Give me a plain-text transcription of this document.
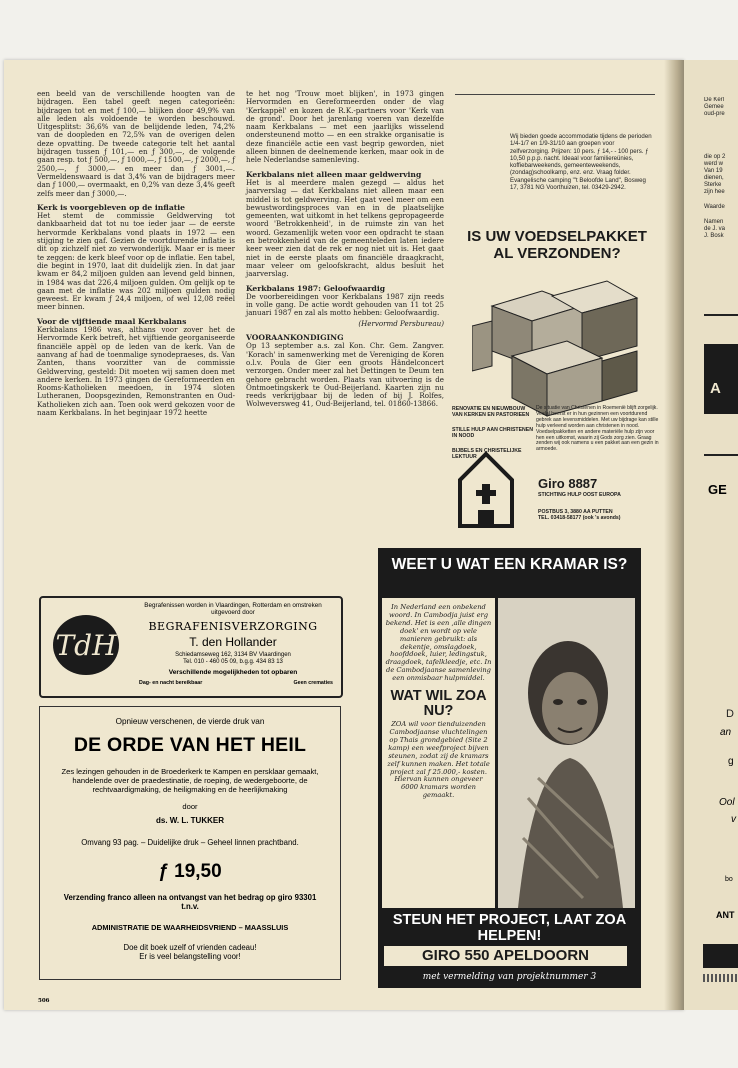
een beeld van de verschillende hoogten van de bijdragen. Een tabel geeft negen categorieën: bijdragen tot en met ƒ 100,— blijken door 49,9% van alle leden als voldoende te worden beschouwd. Uitgesplitst: 36,6% van de belijdende leden, 74,2% van de doopleden en 72,5% van de overigen delen deze opvatting. De tweede categorie telt het aantal bijdragen tussen ƒ 101,— en ƒ 300,—, de volgende gaan resp. tot ƒ 500,—, ƒ 1000,—, ƒ 1500,—, ƒ 2000,—, ƒ 2500,—, ƒ 3000,— en meer dan ƒ 3001,—. Vermeldenswaard is dat 3,4% van de bijdragers meer dan ƒ 1000,— overmaakt, en 0,2% van deze 3,4% geeft zelfs meer dan ƒ 3000,—.

Kerk is voorgebleven op de inflatie

Het stemt de commissie Geldwerving tot dankbaarheid dat tot nu toe ieder jaar — de eerste hervormde Kerkbalans vond plaats in 1972 — een stijging te zien gaf. Gezien de voortdurende inflatie is dit op zichzelf niet zo verwonderlijk. Maar er is meer te zeggen: de kerk bleef voor op de inflatie. Een tabel, die begint in 1970, laat dit duidelijk zien. In dat jaar kwam er 84,2 miljoen gulden aan levend geld binnen, in 1984 was dat 226,4 miljoen gulden. Om gelijk op te gaan met de inflatie was 202 miljoen gulden nodig geweest. Er kwam ƒ 24,4 miljoen, of wel 12,08 reëel meer binnen.

Voor de vijftiende maal Kerkbalans

Kerkbalans 1986 was, althans voor zover het de Hervormde Kerk betreft, het vijftiende georganiseerde financiële appèl op de leden van de kerk. Van de aanvang af had de toenmalige synodepraeses, ds. Van Zanten, thans voorzitter van de commissie Geldwerving, gesteld: Dit moeten wij samen doen met andere kerken. In 1973 gingen de Gereformeerden en Rooms-Katholieken meedoen, in 1974 sloten Lutheranen, Doopsgezinden, Remonstranten en Oud-Katholieken zich aan. Toen ook werd gekozen voor de naam Kerkbalans. In het beginjaar 1972 heette

te het nog 'Trouw moet blijken', in 1973 gingen Hervormden en Gereformeerden onder de vlag 'Kerkappèl' en kozen de R.K.-partners voor 'Kerk van de grond'. Door het jarenlang voeren van dezelfde naam Kerkbalans — met een jaarlijks wisselend ondersteunend motto — en een strakke organisatie is deze financiële actie een vast begrip geworden, niet alleen binnen de deelnemende kerken, maar ook in de hele Nederlandse samenleving.

Kerkbalans niet alleen maar geldwerving

Het is al meerdere malen gezegd — aldus het jaarverslag — dat Kerkbalans niet alleen maar een middel is tot geldwerving. Het gaat veel meer om een bewustwordingsproces van en in de plaatselijke gemeenten, wat uitkomt in het telkens gepropageerde woord 'Betrokkenheid', in de ruimste zin van het woord. Gezamenlijk weten voor een opdracht te staan en betrokkenheid van de gemeenteleden laten iedere keer weer zien dat de rek er nog niet uit is. Het gaat niet in de eerste plaats om financiële draagkracht, maar veleer om geloofskracht, aldus besluit het jaarverslag.

Kerkbalans 1987: Geloofwaardig

De voorbereidingen voor Kerkbalans 1987 zijn reeds in volle gang. De actie wordt gehouden van 11 tot 25 januari 1987 en zal als motto hebben: Geloofwaardig.

(Hervormd Persbureau)

VOORAANKONDIGING

Op 13 september a.s. zal Kon. Chr. Gem. Zangver. 'Korach' in samenwerking met de Vereniging de Koren o.l.v. Poula de Gier een groots Händelconcert verzorgen. Onder meer zal het Dettingen te Deum ten gehore gebracht worden. Plaats van uitvoering is de Ontmoetingskerk te Oud-Beijerland. Kaarten zijn nu reeds verkrijgbaar bij de leden of bij J. Rolfes, Wolweversweg 41, Oud-Beijerland, tel. 01860-13866.

Wij bieden goede accommodatie tijdens de perioden 1/4-1/7 en 1/9-31/10 aan groepen voor zelfverzorging. Prijzen: 10 pers. ƒ 14,- - 100 pers. ƒ 10,50 p.p.p. nacht. Ideaal voor familiereünies, koffiebarweekends, gemeenteweekends, (zondag)schoolkamp, enz. enz. Vraag folder. Evangelische camping "'t Beloofde Land", Bosweg 17, 3781 NG Voorthuizen, tel. 03429-2942.
IS UW VOEDSELPAKKET
AL VERZONDEN?
RENOVATIE EN NIEUWBOUW VAN KERKEN EN PASTORIEEN
STILLE HULP AAN CHRISTENEN IN NOOD
BIJBELS EN CHRISTELIJKE LEKTUUR
De situatie van Christenen in Roemenië blijft zorgelijk. Veelal heerst er in hun gezinnen een voortdurend gebrek aan levensmiddelen. Met uw bijdrage kan stille hulp verleend worden aan christenen in nood. Voedselpakketten en andere materiële hulp zijn voor hen een uitkomst, waarin zij Gods zorg zien. Graag zenden wij ook namens u een pakket aan een gezin in armoede.
Giro 8887
STICHTING HULP OOST EUROPA
POSTBUS 3, 3880 AA PUTTEN
TEL. 03418-58177 (ook 's avonds)
TdH
Begrafenissen worden in Vlaardingen, Rotterdam en omstreken uitgevoerd door
BEGRAFENISVERZORGING
T. den Hollander
Schiedamseweg 162, 3134 BV Vlaardingen
Tel. 010 - 460 05 09, b.g.g. 434 83 13
Verschillende mogelijkheden tot opbaren
Dag- en nacht bereikbaar	Geen crematies
Opnieuw verschenen, de vierde druk van
DE ORDE VAN HET HEIL
Zes lezingen gehouden in de Broederkerk te Kampen en persklaar gemaakt, handelende over de praedestinatie, de roeping, de wedergeboorte, de rechtvaardigmaking, de heiligmaking en de heerlijkmaking
door
ds. W. L. TUKKER
Omvang 93 pag. – Duidelijke druk – Geheel linnen prachtband.
ƒ 19,50
Verzending franco alleen na ontvangst van het bedrag op giro 93301 t.n.v.
ADMINISTRATIE DE WAARHEIDSVRIEND – MAASSLUIS
Doe dit boek uzelf of vrienden cadeau!
Er is veel belangstelling voor!
WEET U WAT EEN KRAMAR IS?
In Nederland een onbekend woord. In Cambodja juist erg bekend. Het is een ‚alle dingen doek' en wordt op vele manieren gebruikt: als dekentje, omslagdoek, hoofddoek, luier, ledingstuk, draagdoek, tafelkleedje, etc. In de Cambodjaanse samenleving een onmisbaar hulpmiddel.
WAT WIL ZOA NU?
ZOA wil voor tienduizenden Cambodjaanse vluchtelingen op Thais grondgebied (Site 2 kamp) een weefproject bijven steunen, zodat zij de kramars zelf kunnen maken. Het totale project zal ƒ 25.000,- kosten. Hiervan kunnen ongeveer 6000 kramars worden gemaakt.
STEUN HET PROJECT, LAAT ZOA HELPEN!
GIRO 550 APELDOORN
met vermelding van projektnummer 3
506
De Kerl
Gemee
oud-pre
die op 2
werd w
Van 19
dienen,
Sterke
zijn hee
Waarde
Namen
de J. va
J. Bosk
A
GE
D
an
g
Ool
v
bo
ANT
